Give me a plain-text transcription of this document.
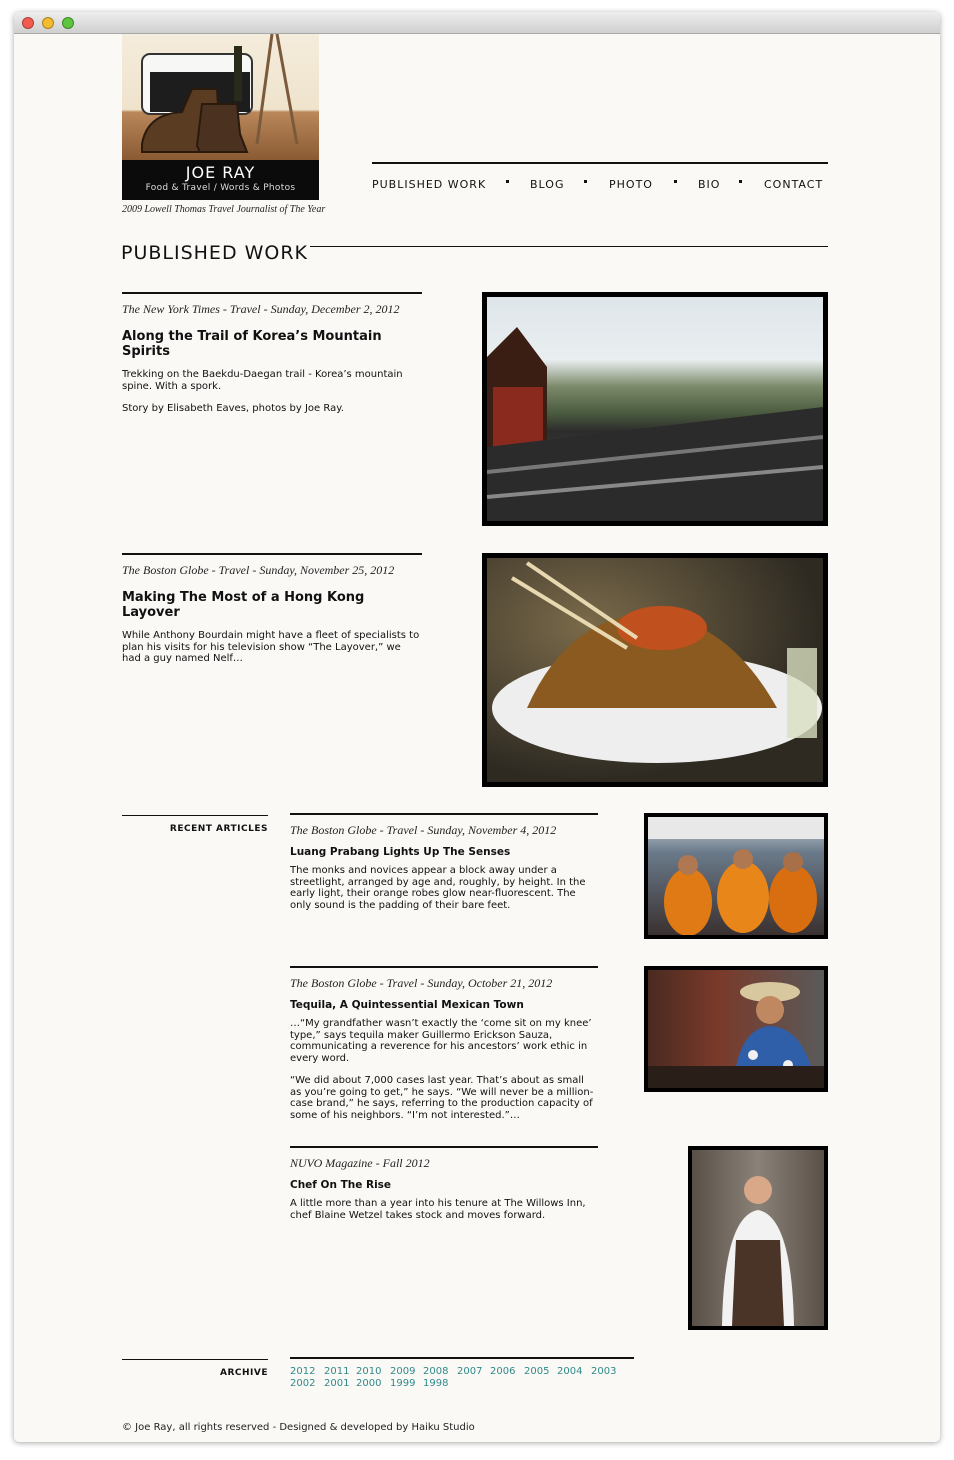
JOE RAY
Food & Travel / Words & Photos
2009 Lowell Thomas Travel Journalist of The Year
PUBLISHED WORK	BLOG	PHOTO	BIO	CONTACT
PUBLISHED WORK
The New York Times - Travel - Sunday, December 2, 2012
Along the Trail of Korea’s Mountain Spirits
Trekking on the Baekdu-Daegan trail - Korea’s mountain spine. With a spork.
Story by Elisabeth Eaves, photos by Joe Ray.
The Boston Globe - Travel - Sunday, November 25, 2012
Making The Most of a Hong Kong Layover
While Anthony Bourdain might have a fleet of specialists to plan his visits for his television show “The Layover,” we had a guy named Nelf…
RECENT ARTICLES The Boston Globe - Travel - Sunday, November 4, 2012
Luang Prabang Lights Up The Senses
The monks and novices appear a block away under a streetlight, arranged by age and, roughly, by height. In the early light, their orange robes glow near-fluorescent. The only sound is the padding of their bare feet.
The Boston Globe - Travel - Sunday, October 21, 2012
Tequila, A Quintessential Mexican Town
…“My grandfather wasn’t exactly the ‘come sit on my knee’ type,” says tequila maker Guillermo Erickson Sauza, communicating a reverence for his ancestors’ work ethic in every word.
“We did about 7,000 cases last year. That’s about as small as you’re going to get,” he says. “We will never be a million-case brand,” he says, referring to the production capacity of some of his neighbors. “I’m not interested.”…
NUVO Magazine - Fall 2012
Chef On The Rise
A little more than a year into his tenure at The Willows Inn, chef Blaine Wetzel takes stock and moves forward.
ARCHIVE 2012 2011 2010 2009 2008 2007 2006 2005 2004 2003
2002 2001 2000 1999 1998
© Joe Ray, all rights reserved - Designed & developed by Haiku Studio
